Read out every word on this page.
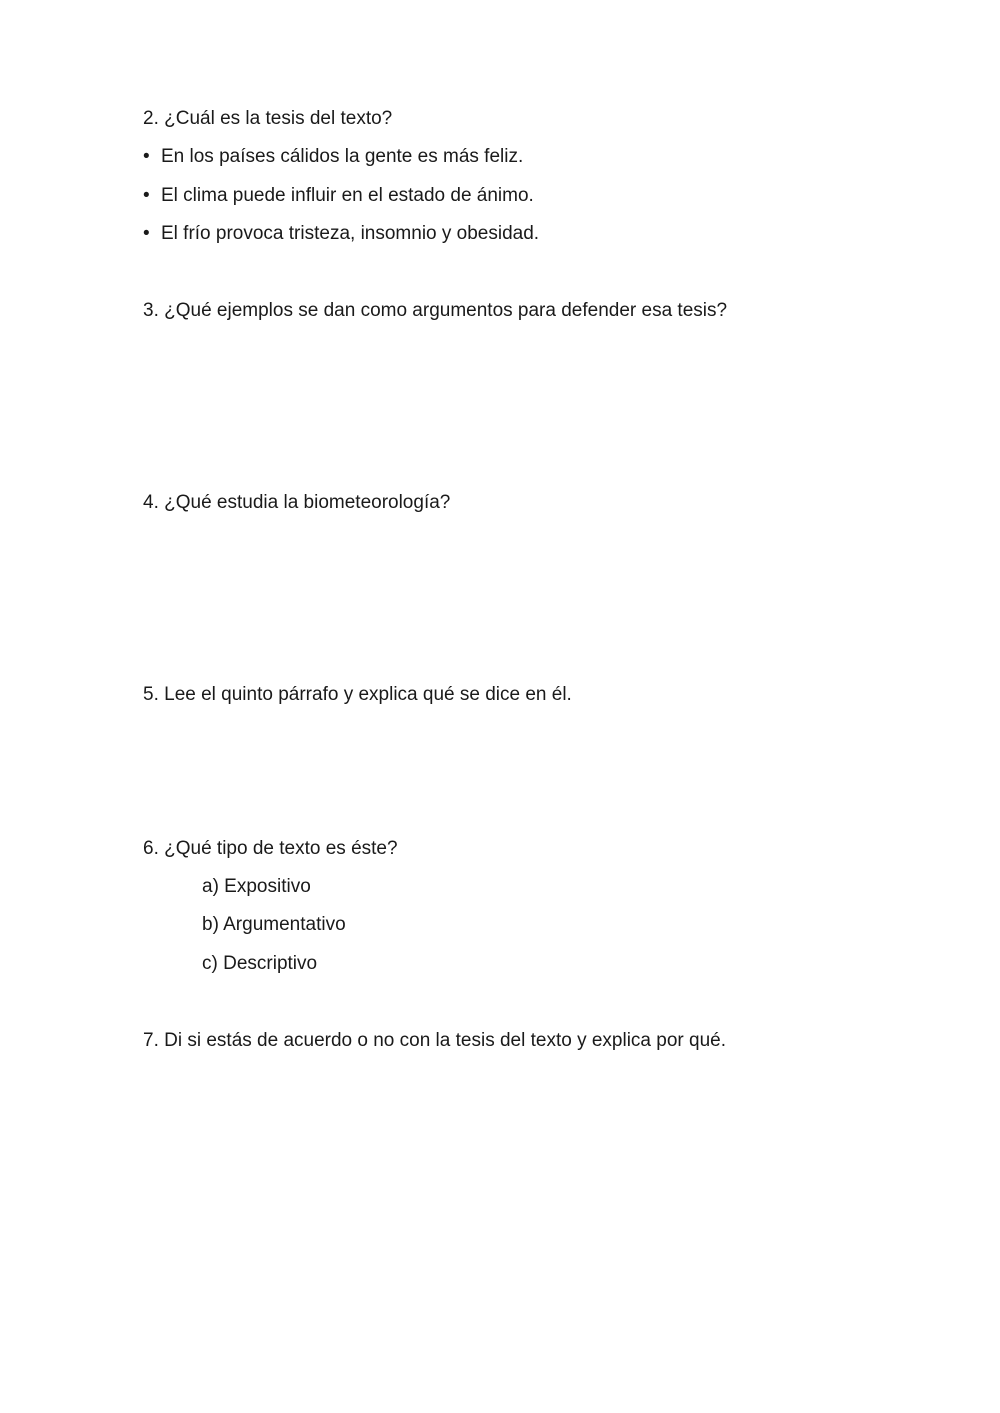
2. ¿Cuál es la tesis del texto?
• En los países cálidos la gente es más feliz.
• El clima puede influir en el estado de ánimo.
• El frío provoca tristeza, insomnio y obesidad.
3. ¿Qué ejemplos se dan como argumentos para defender esa tesis?
4. ¿Qué estudia la biometeorología?
5. Lee el quinto párrafo y explica qué se dice en él.
6. ¿Qué tipo de texto es éste?
a) Expositivo
b) Argumentativo
c) Descriptivo
7. Di si estás de acuerdo o no con la tesis del texto y explica por qué.
